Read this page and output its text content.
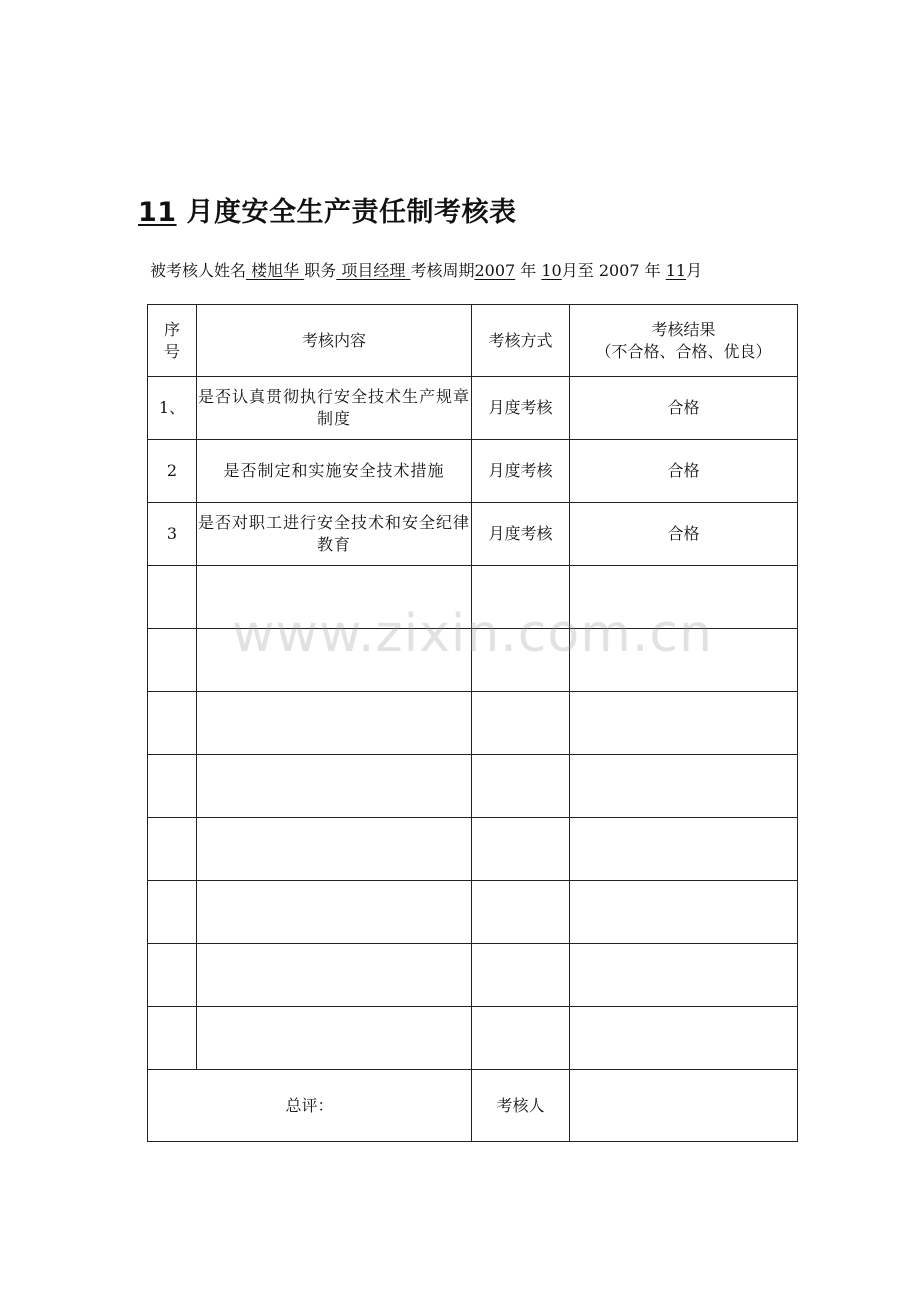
11 月度安全生产责任制考核表
被考核人姓名 楼旭华 职务 项目经理 考核周期2007 年 10月至 2007 年 11月
序
号	考核内容	考核方式	考核结果
（不合格、合格、优良）
1、	是否认真贯彻执行安全技术生产规章制度	月度考核	合格
2	是否制定和实施安全技术措施	月度考核	合格
3	是否对职工进行安全技术和安全纪律教育	月度考核	合格

总评：		考核人	
www.zixin.com.cn
